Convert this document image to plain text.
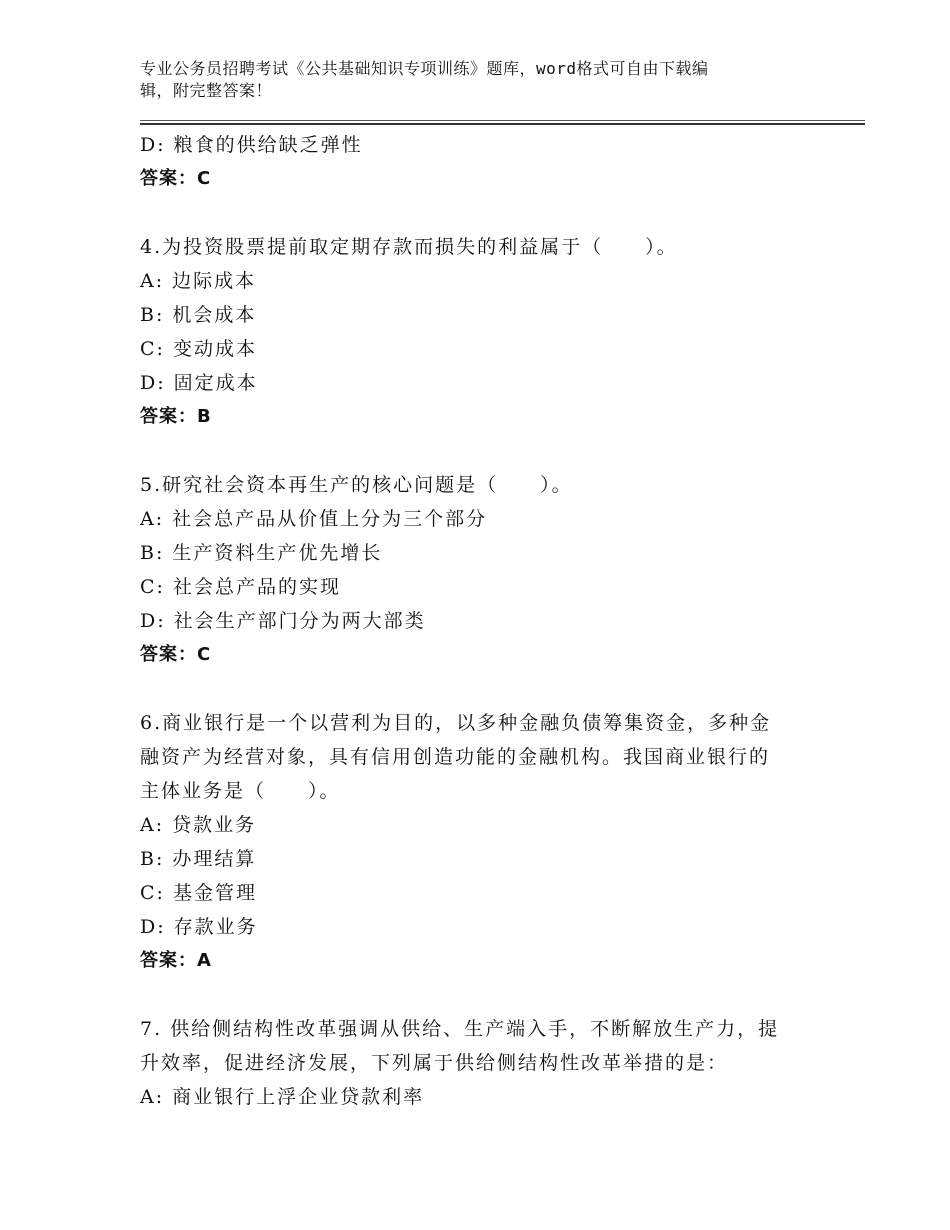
专业公务员招聘考试《公共基础知识专项训练》题库，word格式可自由下载编
辑，附完整答案！
D: 粮食的供给缺乏弹性
答案：C
4.为投资股票提前取定期存款而损失的利益属于（　　）。
A: 边际成本
B: 机会成本
C: 变动成本
D: 固定成本
答案：B
5.研究社会资本再生产的核心问题是（　　）。
A: 社会总产品从价值上分为三个部分
B: 生产资料生产优先增长
C: 社会总产品的实现
D: 社会生产部门分为两大部类
答案：C
6.商业银行是一个以营利为目的，以多种金融负债筹集资金，多种金
融资产为经营对象，具有信用创造功能的金融机构。我国商业银行的
主体业务是（　　）。
A: 贷款业务
B: 办理结算
C: 基金管理
D: 存款业务
答案：A
7. 供给侧结构性改革强调从供给、生产端入手，不断解放生产力，提
升效率，促进经济发展，下列属于供给侧结构性改革举措的是：
A: 商业银行上浮企业贷款利率
